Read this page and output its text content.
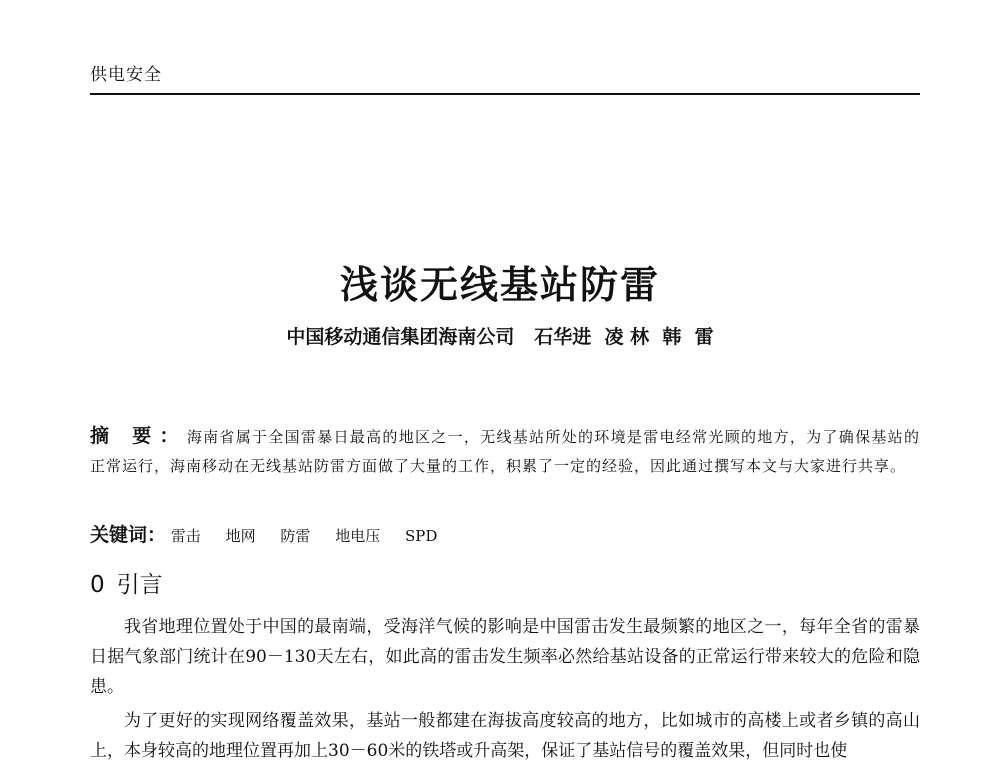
供电安全
浅谈无线基站防雷
中国移动通信集团海南公司   石华进  凌 林  韩  雷
摘 要：海南省属于全国雷暴日最高的地区之一，无线基站所处的环境是雷电经常光顾的地方，为了确保基站的正常运行，海南移动在无线基站防雷方面做了大量的工作，积累了一定的经验，因此通过撰写本文与大家进行共享。
关键词： 雷击 地网 防雷 地电压 SPD
0 引言

我省地理位置处于中国的最南端，受海洋气候的影响是中国雷击发生最频繁的地区之一，每年全省的雷暴日据气象部门统计在90－130天左右，如此高的雷击发生频率必然给基站设备的正常运行带来较大的危险和隐患。

为了更好的实现网络覆盖效果，基站一般都建在海拔高度较高的地方，比如城市的高楼上或者乡镇的高山上，本身较高的地理位置再加上30－60米的铁塔或升高架，保证了基站信号的覆盖效果，但同时也使
